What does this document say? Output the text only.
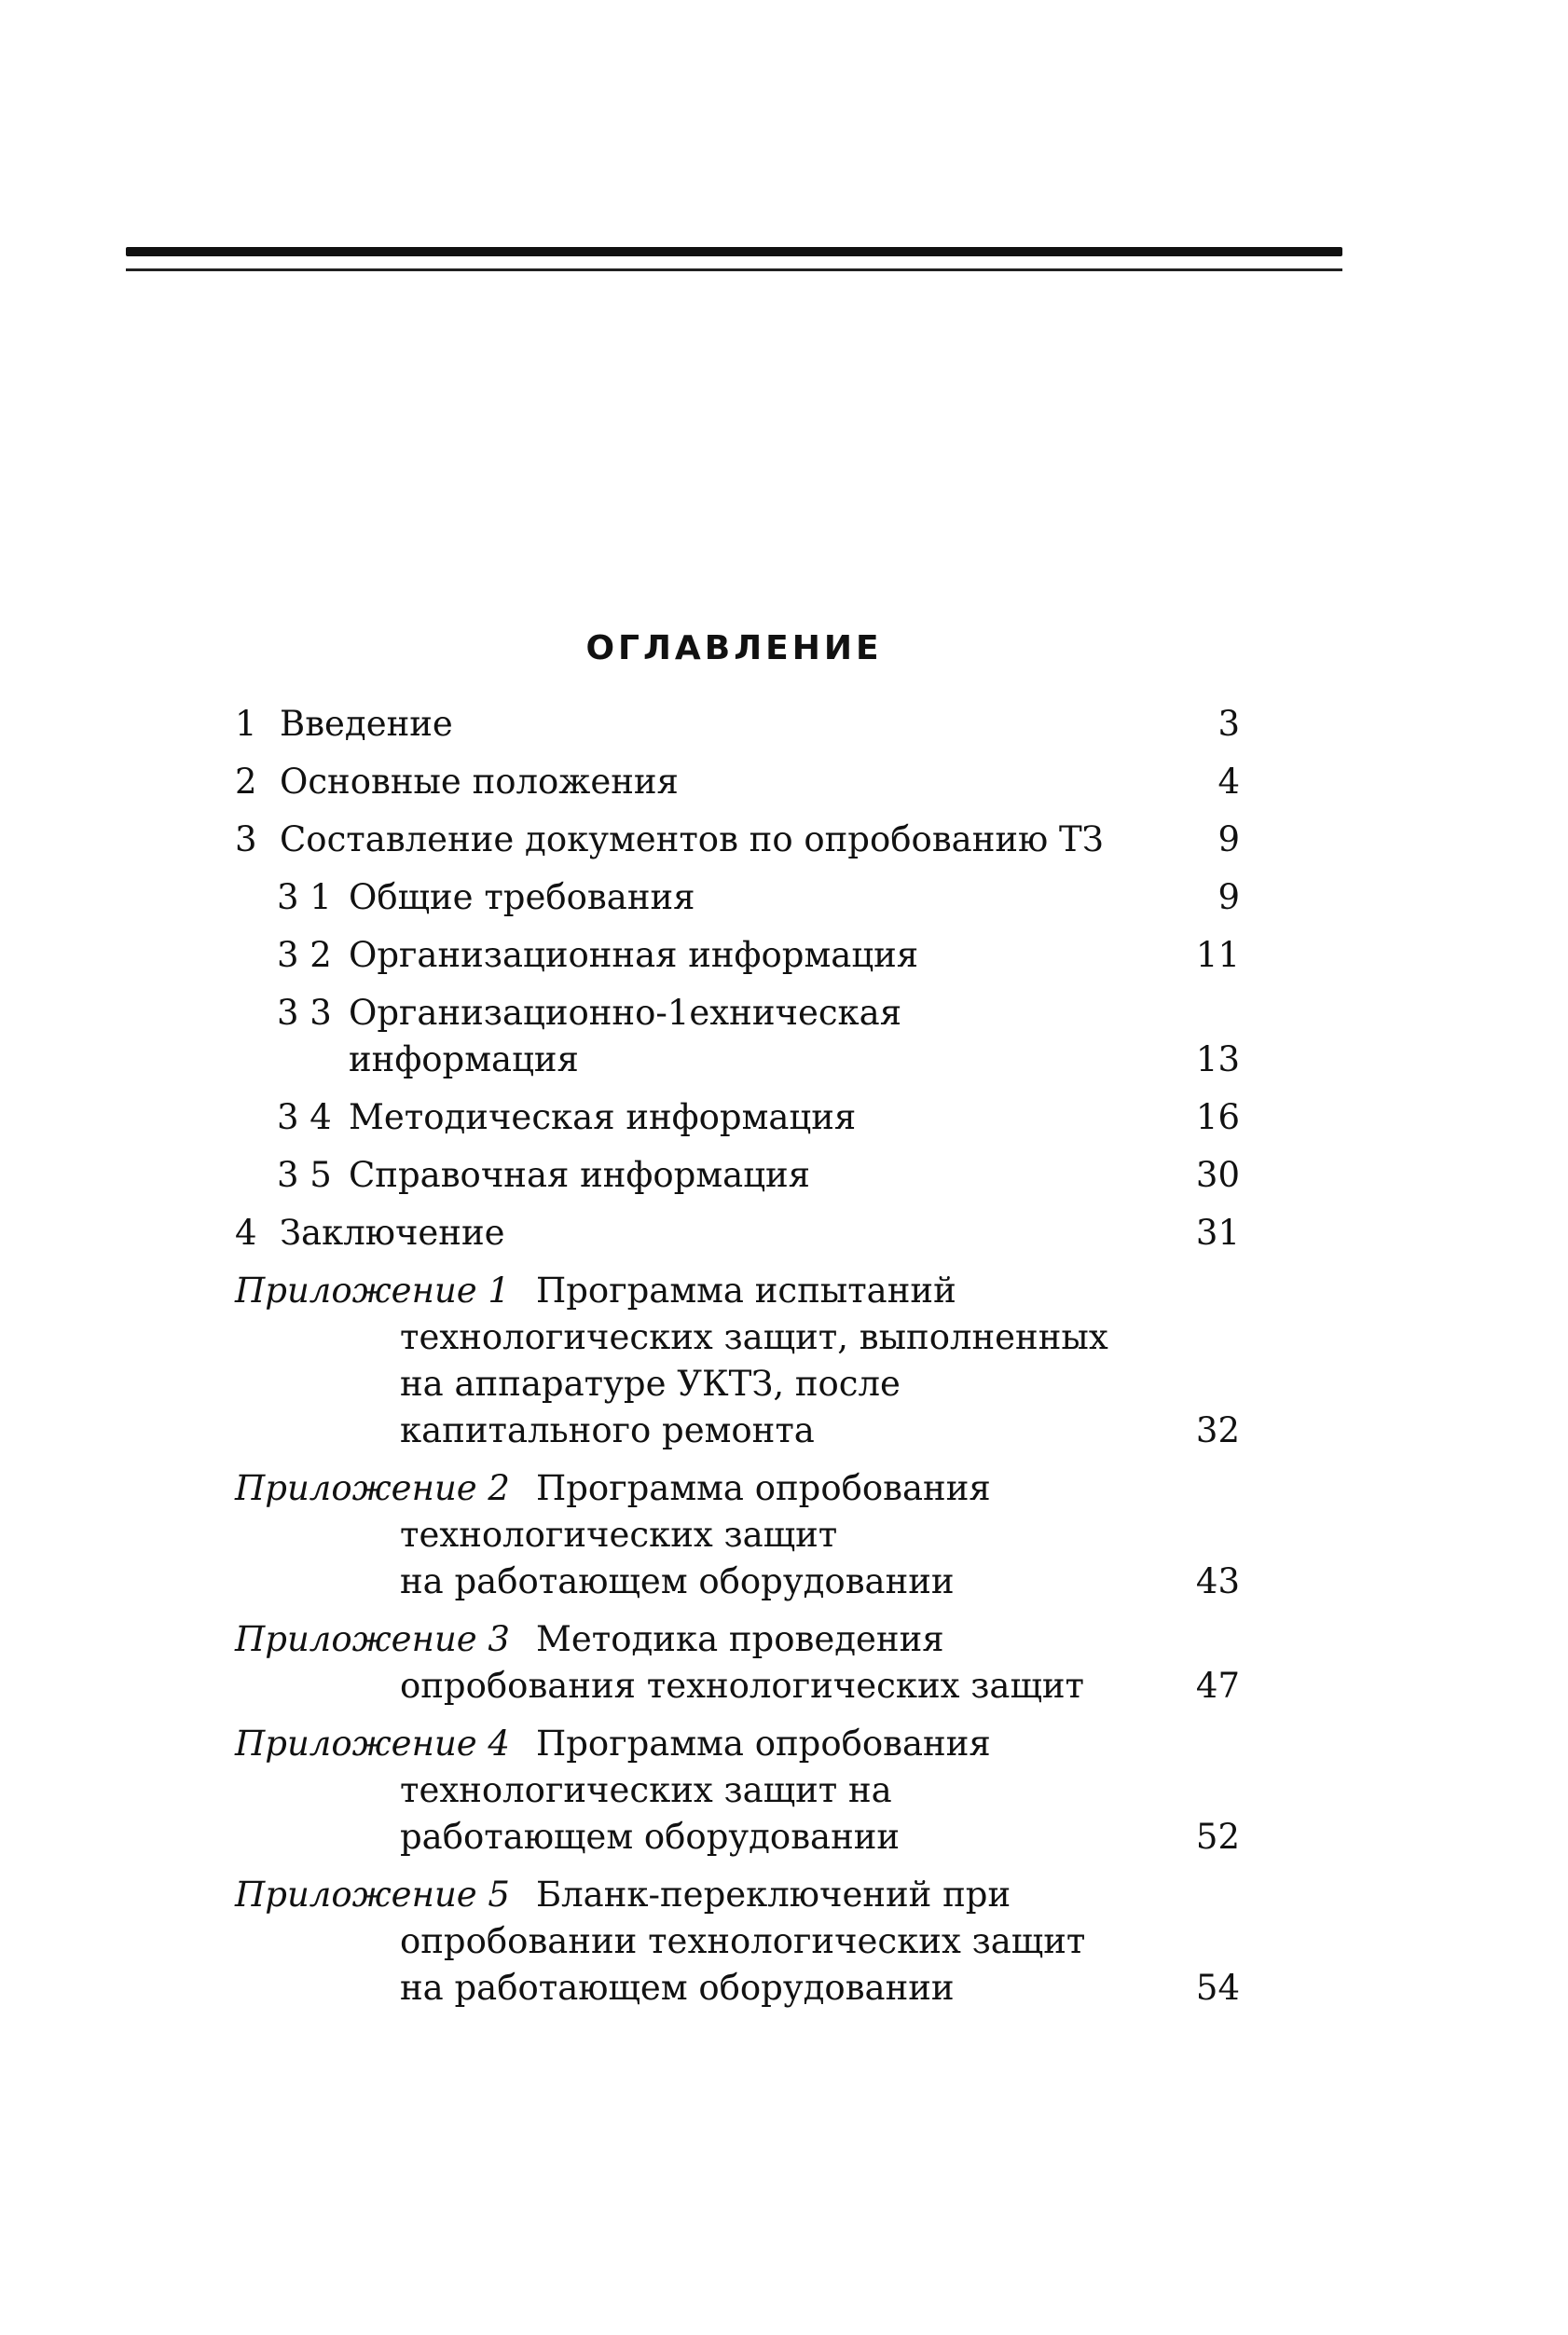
ОГЛАВЛЕНИЕ
1 Введение	3
2 Основные положения	4
3 Составление документов по опробованию ТЗ	9
3 1 Общие требования	9
3 2 Организационная информация	11
3 3 Организационно-1ехническая
информация	13
3 4 Методическая информация	16
3 5 Справочная информация	30
4 Заключение	31
Приложение 1 Программа испытаний
технологических защит, выполненных
на аппаратуре УКТЗ, после
капитального ремонта	32
Приложение 2 Программа опробования
технологических защит
на работающем оборудовании	43
Приложение 3 Методика проведения
опробования технологических защит	47
Приложение 4 Программа опробования
технологических защит на
работающем оборудовании	52
Приложение 5 Бланк-переключений при
опробовании технологических защит
на работающем оборудовании	54
